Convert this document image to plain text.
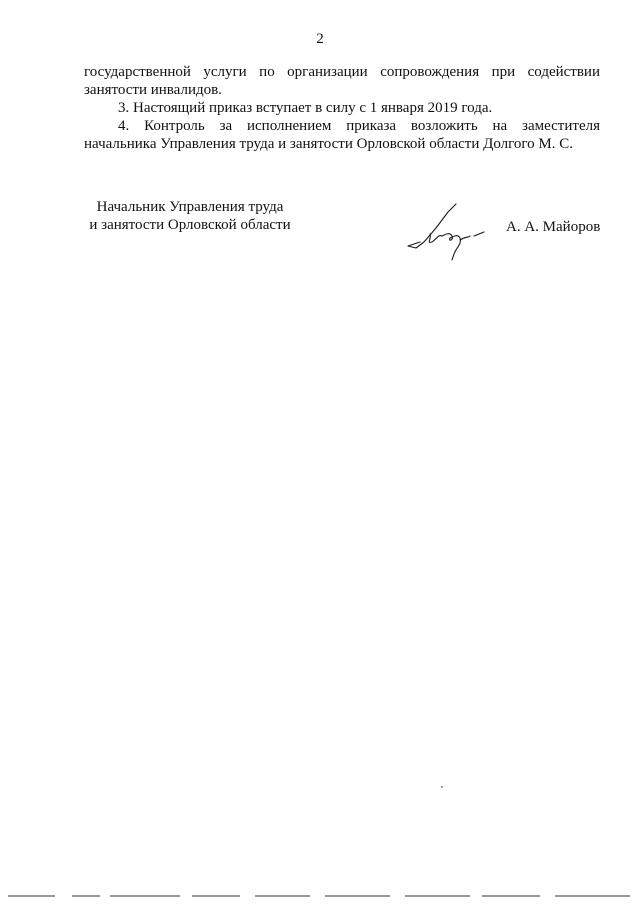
2

государственной услуги по организации сопровождения при содействии
занятости инвалидов.

3. Настоящий приказ вступает в силу с 1 января 2019 года.

4. Контроль за исполнением приказа возложить на заместителя
начальника Управления труда и занятости Орловской области Долгого М. С.

Начальник Управления труда
и занятости Орловской области	А. А. Майоров
